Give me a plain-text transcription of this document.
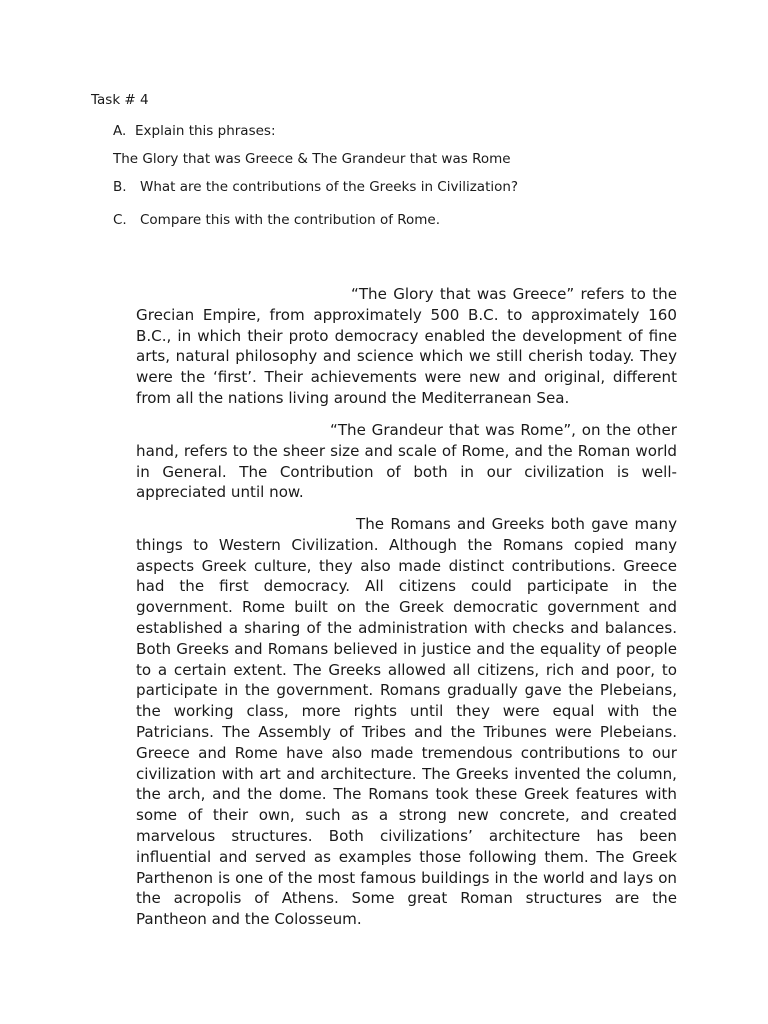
Task # 4
A. Explain this phrases:
The Glory that was Greece & The Grandeur that was Rome
B. What are the contributions of the Greeks in Civilization?
C. Compare this with the contribution of Rome.

“The Glory that was Greece” refers to the Grecian Empire, from approximately 500 B.C. to approximately 160 B.C., in which their proto democracy enabled the development of fine arts, natural philosophy and science which we still cherish today. They were the ‘first’. Their achievements were new and original, different from all the nations living around the Mediterranean Sea.

“The Grandeur that was Rome”, on the other hand, refers to the sheer size and scale of Rome, and the Roman world in General. The Contribution of both in our civilization is well-appreciated until now.

The Romans and Greeks both gave many things to Western Civilization. Although the Romans copied many aspects Greek culture, they also made distinct contributions. Greece had the first democracy. All citizens could participate in the government. Rome built on the Greek democratic government and established a sharing of the administration with checks and balances. Both Greeks and Romans believed in justice and the equality of people to a certain extent. The Greeks allowed all citizens, rich and poor, to participate in the government. Romans gradually gave the Plebeians, the working class, more rights until they were equal with the Patricians. The Assembly of Tribes and the Tribunes were Plebeians. Greece and Rome have also made tremendous contributions to our civilization with art and architecture. The Greeks invented the column, the arch, and the dome. The Romans took these Greek features with some of their own, such as a strong new concrete, and created marvelous structures. Both civilizations’ architecture has been influential and served as examples those following them. The Greek Parthenon is one of the most famous buildings in the world and lays on the acropolis of Athens. Some great Roman structures are the Pantheon and the Colosseum.
